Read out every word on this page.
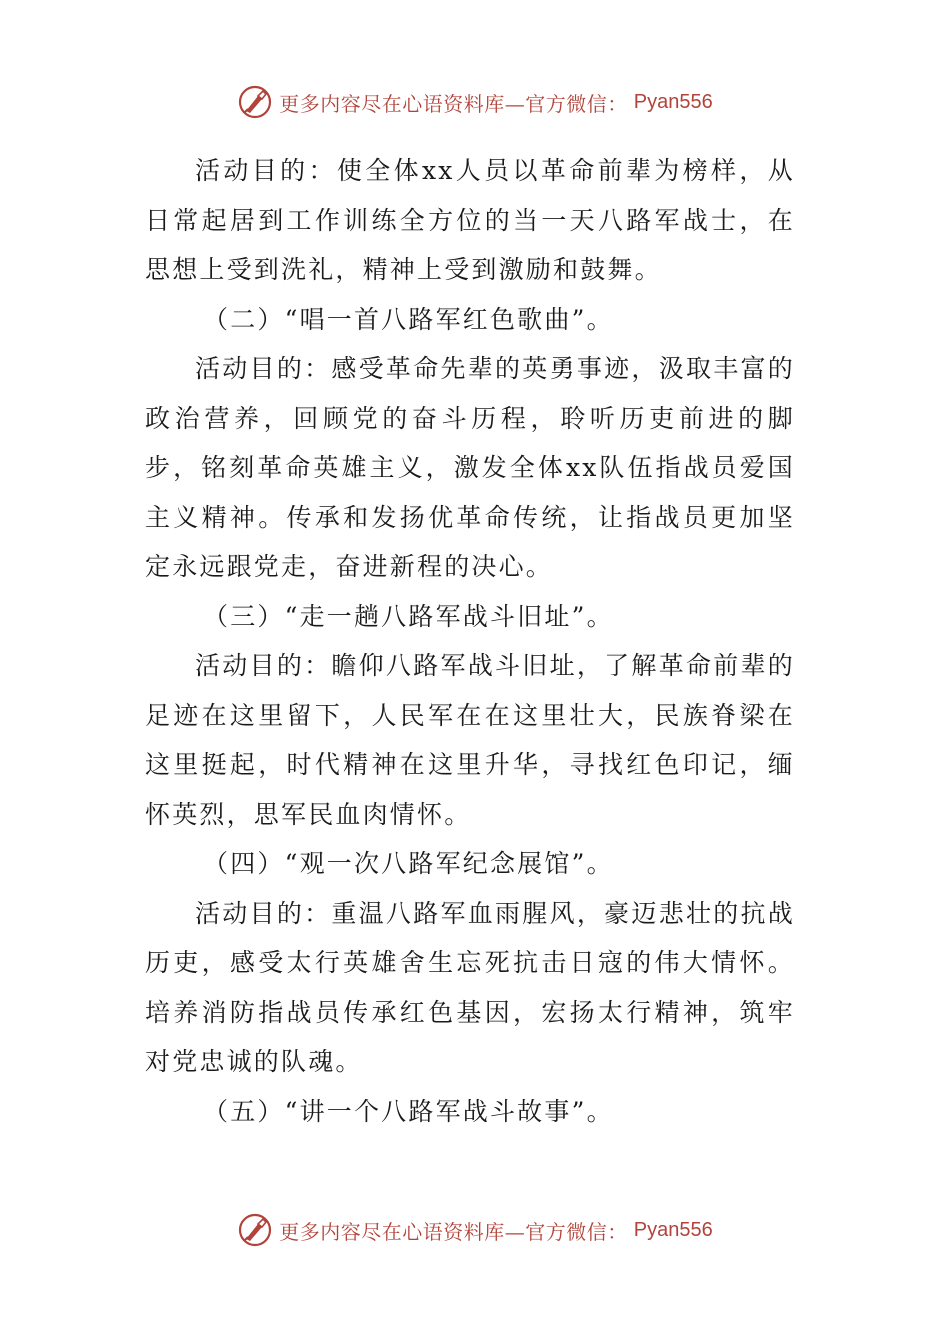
更多内容尽在心语资料库—官方微信： Pyan556

活动目的：使全体xx人员以革命前辈为榜样，从日常起居到工作训练全方位的当一天八路军战士，在思想上受到洗礼，精神上受到激励和鼓舞。

（二）“唱一首八路军红色歌曲”。

活动目的：感受革命先辈的英勇事迹，汲取丰富的政治营养，回顾党的奋斗历程，聆听历吏前进的脚步，铭刻革命英雄主义，激发全体xx队伍指战员爱国主义精神。传承和发扬优革命传统，让指战员更加坚定永远跟党走，奋进新程的决心。

（三）“走一趟八路军战斗旧址”。

活动目的：瞻仰八路军战斗旧址，了解革命前辈的足迹在这里留下，人民军在在这里壮大，民族脊梁在这里挺起，时代精神在这里升华，寻找红色印记，缅怀英烈，思军民血肉情怀。

（四）“观一次八路军纪念展馆”。

活动目的：重温八路军血雨腥风，豪迈悲壮的抗战历吏，感受太行英雄舍生忘死抗击日寇的伟大情怀。培养消防指战员传承红色基因，宏扬太行精神，筑牢对党忠诚的队魂。

（五）“讲一个八路军战斗故事”。

更多内容尽在心语资料库—官方微信： Pyan556
